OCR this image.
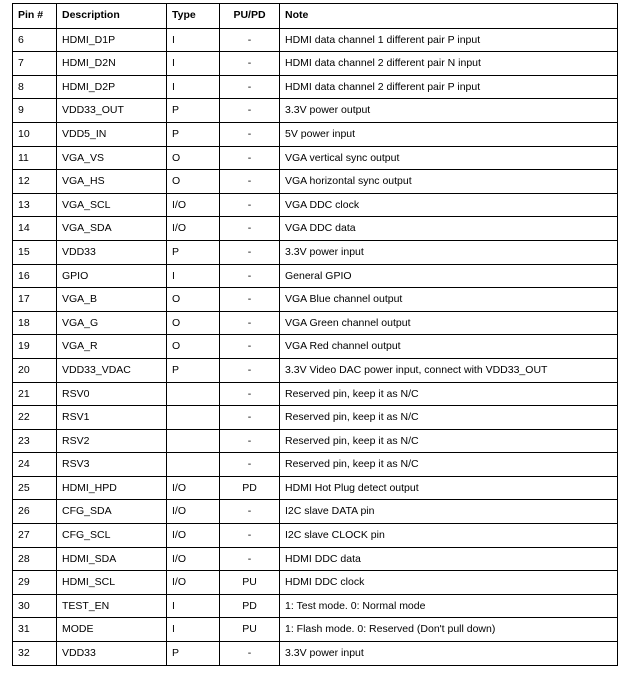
Pin #	Description	Type	PU/PD	Note
6	HDMI_D1P	I	-	HDMI data channel 1 different pair P input
7	HDMI_D2N	I	-	HDMI data channel 2 different pair N input
8	HDMI_D2P	I	-	HDMI data channel 2 different pair P input
9	VDD33_OUT	P	-	3.3V power output
10	VDD5_IN	P	-	5V power input
11	VGA_VS	O	-	VGA vertical sync output
12	VGA_HS	O	-	VGA horizontal sync output
13	VGA_SCL	I/O	-	VGA DDC clock
14	VGA_SDA	I/O	-	VGA DDC data
15	VDD33	P	-	3.3V power input
16	GPIO	I	-	General GPIO
17	VGA_B	O	-	VGA Blue channel output
18	VGA_G	O	-	VGA Green channel output
19	VGA_R	O	-	VGA Red channel output
20	VDD33_VDAC	P	-	3.3V Video DAC power input, connect with VDD33_OUT
21	RSV0		-	Reserved pin, keep it as N/C
22	RSV1		-	Reserved pin, keep it as N/C
23	RSV2		-	Reserved pin, keep it as N/C
24	RSV3		-	Reserved pin, keep it as N/C
25	HDMI_HPD	I/O	PD	HDMI Hot Plug detect output
26	CFG_SDA	I/O	-	I2C slave DATA pin
27	CFG_SCL	I/O	-	I2C slave CLOCK pin
28	HDMI_SDA	I/O	-	HDMI DDC data
29	HDMI_SCL	I/O	PU	HDMI DDC clock
30	TEST_EN	I	PD	1: Test mode. 0: Normal mode
31	MODE	I	PU	1: Flash mode. 0: Reserved (Don't pull down)
32	VDD33	P	-	3.3V power input
